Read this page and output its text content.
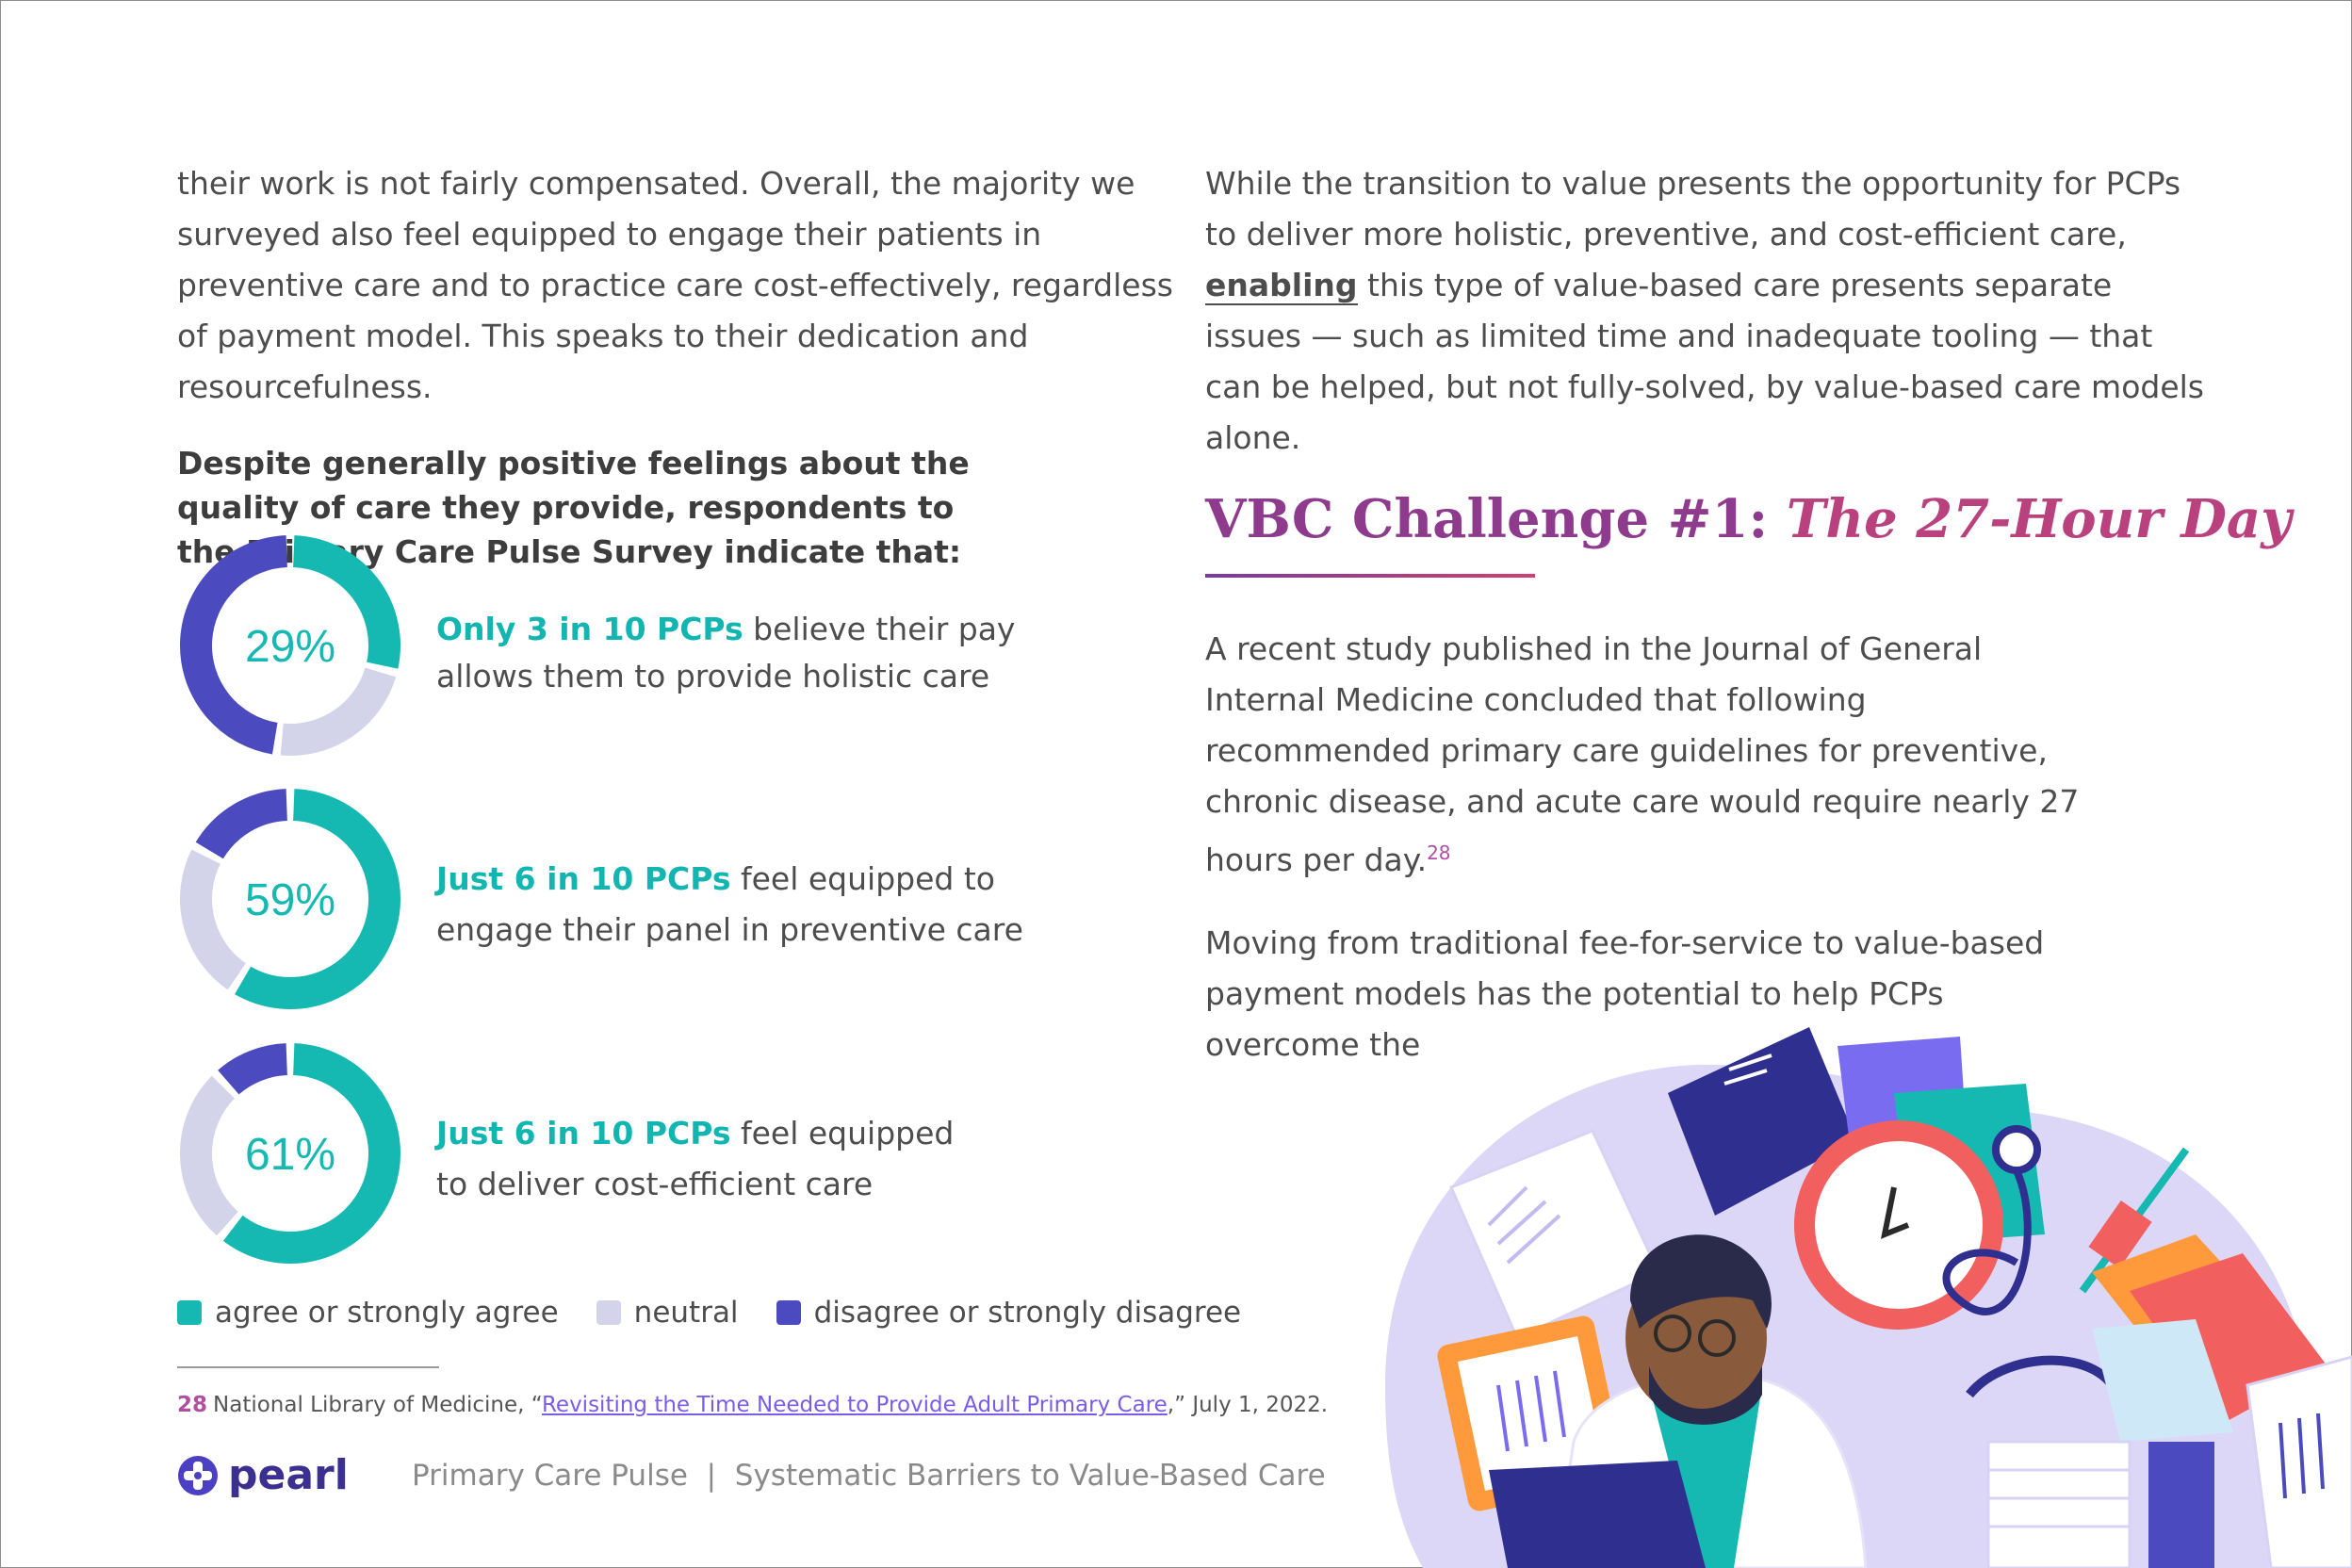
their work is not fairly compensated. Overall, the majority we surveyed also feel equipped to engage their patients in preventive care and to practice care cost-effectively, regardless of payment model. This speaks to their dedication and resourcefulness.

Despite generally positive feelings about the quality of care they provide, respondents to the Primary Care Pulse Survey indicate that:

29%	Only 3 in 10 PCPs believe their pay allows them to provide holistic care
59%	Just 6 in 10 PCPs feel equipped to engage their panel in preventive care
61%	Just 6 in 10 PCPs feel equipped to deliver cost-efficient care
agree or strongly agree	neutral	disagree or strongly disagree
28 National Library of Medicine, “Revisiting the Time Needed to Provide Adult Primary Care,” July 1, 2022.
pearl Primary Care Pulse  |  Systematic Barriers to Value-Based Care

While the transition to value presents the opportunity for PCPs to deliver more holistic, preventive, and cost-efficient care, enabling this type of value-based care presents separate issues — such as limited time and inadequate tooling — that can be helped, but not fully-solved, by value-based care models alone.

VBC Challenge #1: The 27-Hour Day

A recent study published in the Journal of General Internal Medicine concluded that following recommended primary care guidelines for preventive, chronic disease, and acute care would require nearly 27 hours per day.$^{28}$

Moving from traditional fee-for-service to value-based payment models has the potential to help PCPs overcome the
